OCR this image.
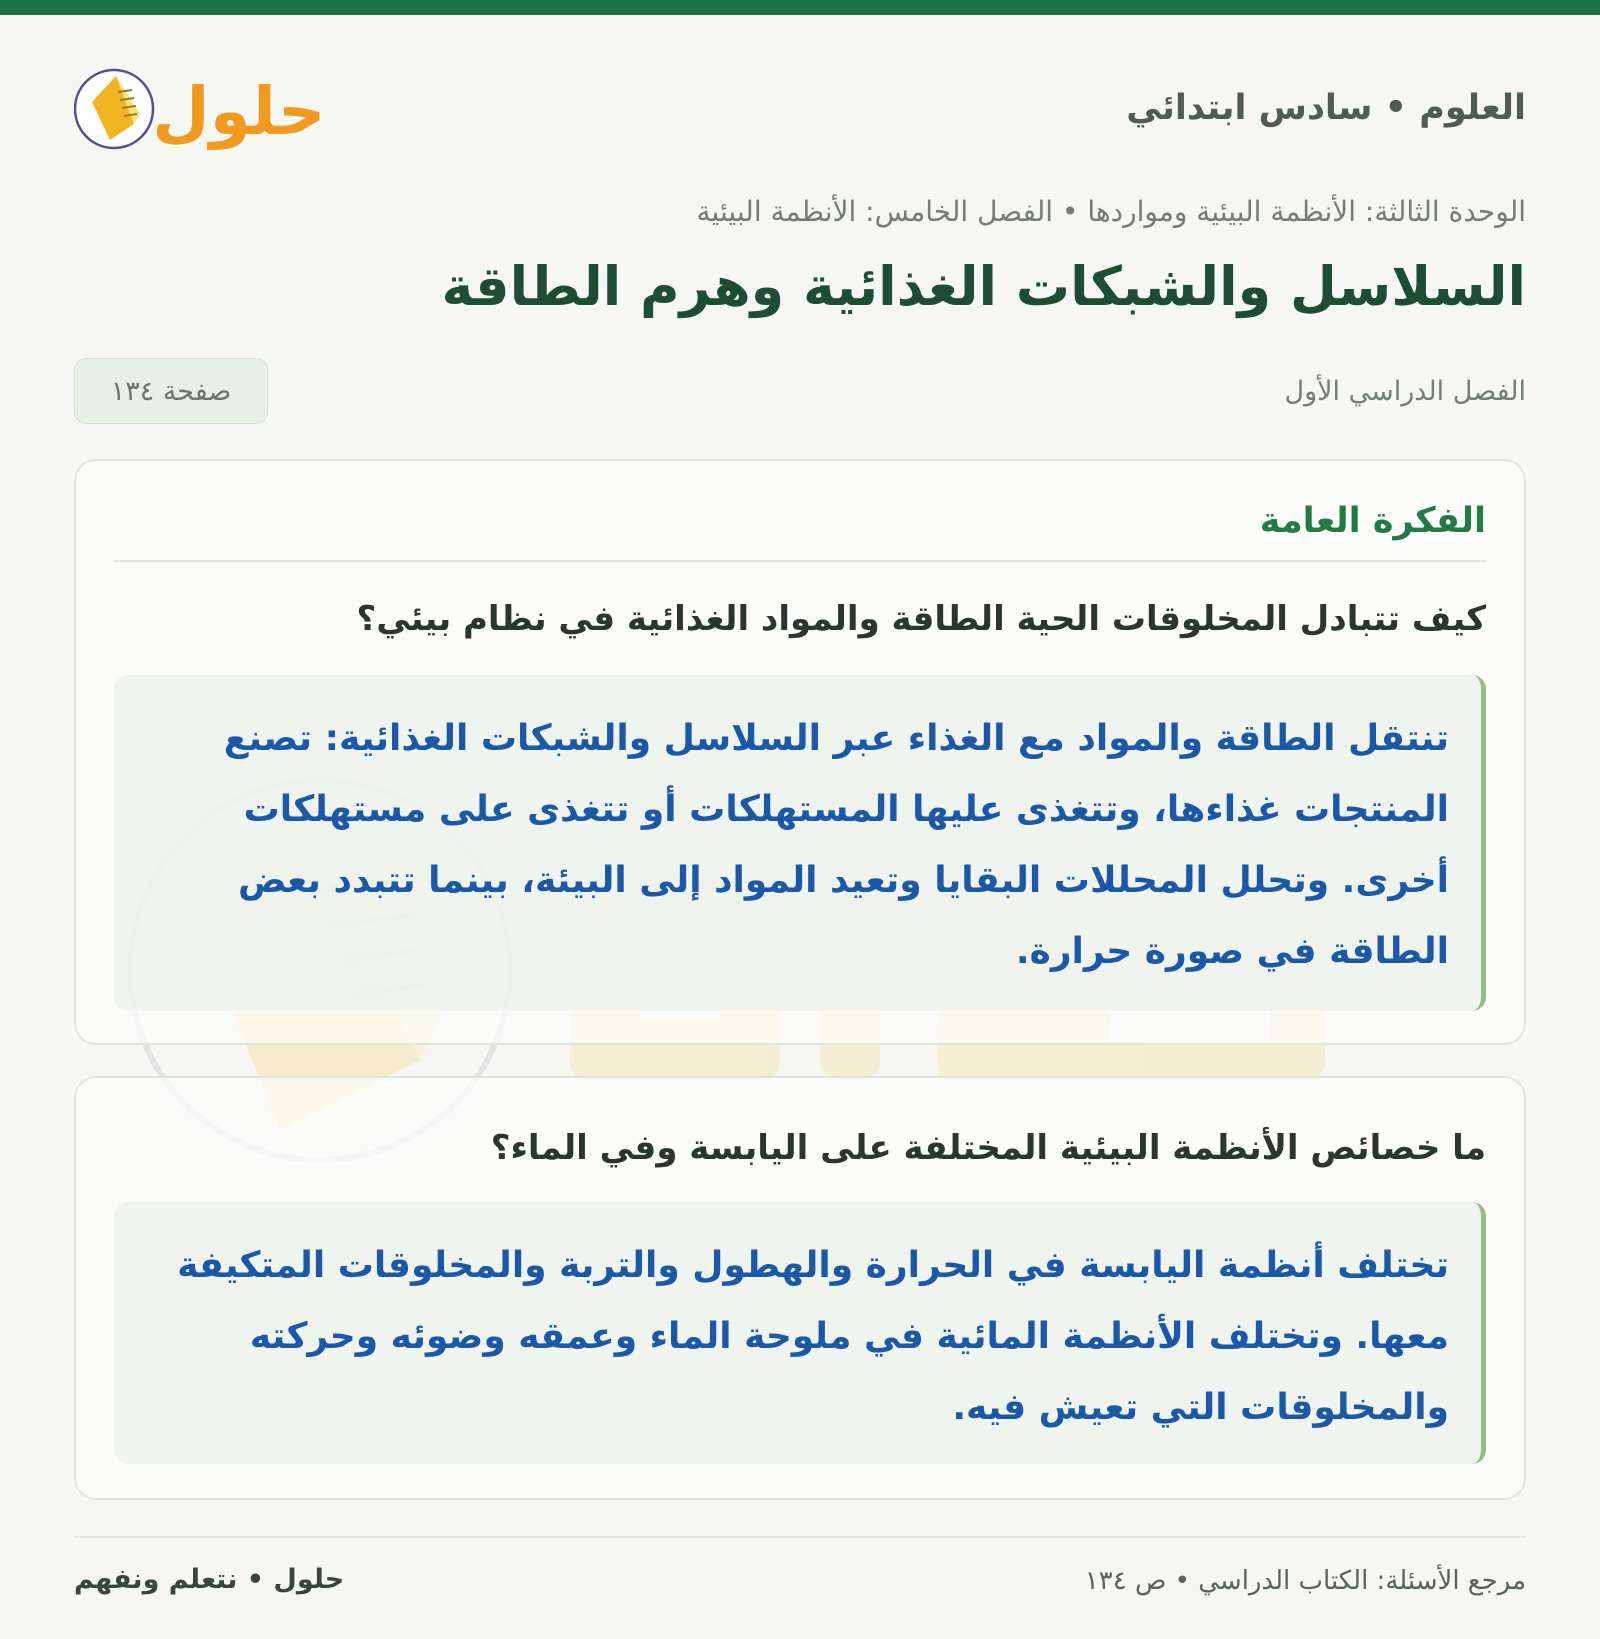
العلوم • سادس ابتدائي
حلول
الوحدة الثالثة: الأنظمة البيئية ومواردها • الفصل الخامس: الأنظمة البيئية
السلاسل والشبكات الغذائية وهرم الطاقة
الفصل الدراسي الأول
صفحة ١٣٤
الفكرة العامة
كيف تتبادل المخلوقات الحية الطاقة والمواد الغذائية في نظام بيئي؟

تنتقل الطاقة والمواد مع الغذاء عبر السلاسل والشبكات الغذائية: تصنع المنتجات غذاءها، وتتغذى عليها المستهلكات أو تتغذى على مستهلكات أخرى. وتحلل المحللات البقايا وتعيد المواد إلى البيئة، بينما تتبدد بعض الطاقة في صورة حرارة.

ما خصائص الأنظمة البيئية المختلفة على اليابسة وفي الماء؟

تختلف أنظمة اليابسة في الحرارة والهطول والتربة والمخلوقات المتكيفة معها. وتختلف الأنظمة المائية في ملوحة الماء وعمقه وضوئه وحركته والمخلوقات التي تعيش فيه.

مرجع الأسئلة: الكتاب الدراسي • ص ١٣٤
حلول • نتعلم ونفهم
